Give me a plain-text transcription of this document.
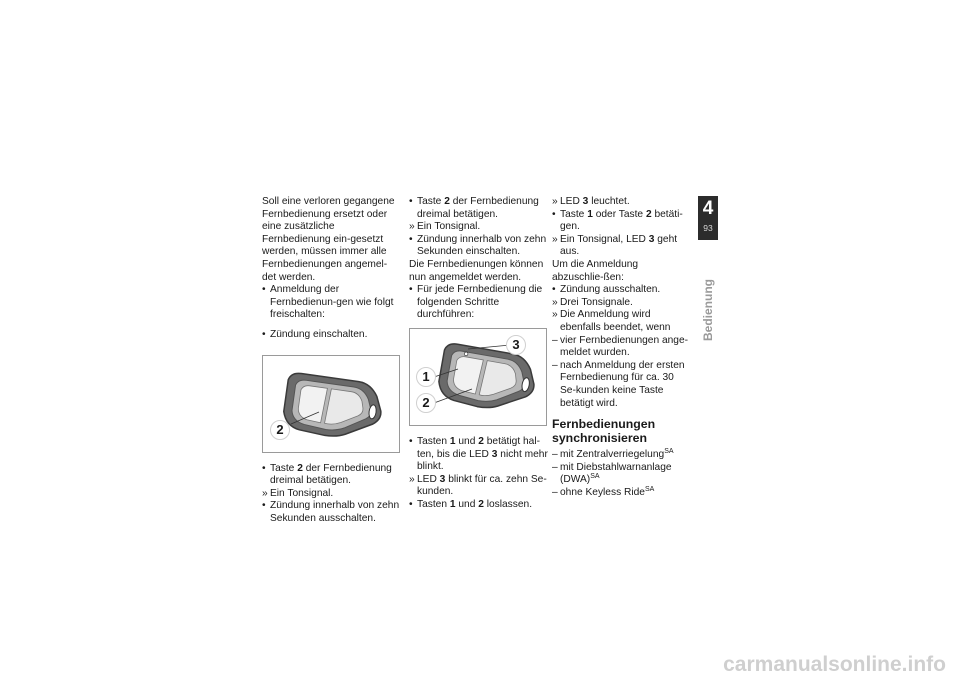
Soll eine verloren gegangene Fernbedienung ersetzt oder eine zusätzliche Fernbedienung ein-gesetzt werden, müssen immer alle Fernbedienungen angemel-det werden.

• Anmeldung der Fernbedienun-gen wie folgt freischalten:
• Zündung einschalten.
2
• Taste 2 der Fernbedienung dreimal betätigen.
» Ein Tonsignal.
• Zündung innerhalb von zehn Sekunden ausschalten.
• Taste 2 der Fernbedienung dreimal betätigen.
» Ein Tonsignal.
• Zündung innerhalb von zehn Sekunden einschalten.

Die Fernbedienungen können nun angemeldet werden.

• Für jede Fernbedienung die folgenden Schritte durchführen:
3
1
2
• Tasten 1 und 2 betätigt hal-ten, bis die LED 3 nicht mehr blinkt.
» LED 3 blinkt für ca. zehn Se-kunden.
• Tasten 1 und 2 loslassen.
» LED 3 leuchtet.
• Taste 1 oder Taste 2 betäti-gen.
» Ein Tonsignal, LED 3 geht aus.

Um die Anmeldung abzuschlie-ßen:

• Zündung ausschalten.
» Drei Tonsignale.
» Die Anmeldung wird ebenfalls beendet, wenn
– vier Fernbedienungen ange-meldet wurden.
– nach Anmeldung der ersten Fernbedienung für ca. 30 Se-kunden keine Taste betätigt wird.
Fernbedienungen synchronisieren
– mit Zentralverriegelung$^{SA}$
– mit Diebstahlwarnanlage (DWA)$^{SA}$
– ohne Keyless Ride$^{SA}$
4
93
Bedienung
carmanualsonline.info
